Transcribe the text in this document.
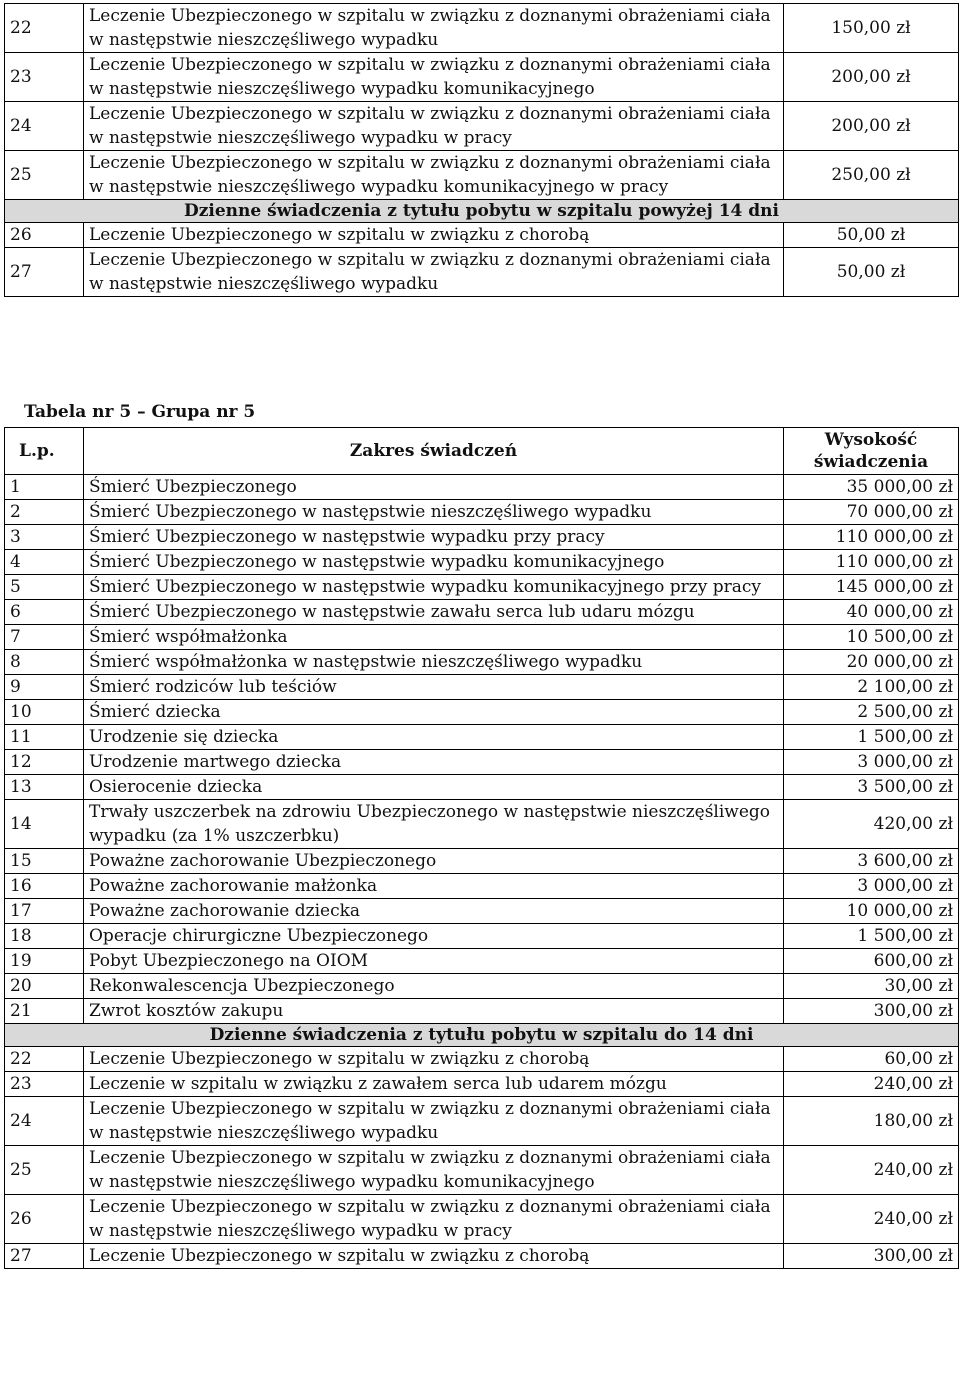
22	Leczenie Ubezpieczonego w szpitalu w związku z doznanymi obrażeniami ciała w następstwie nieszczęśliwego wypadku	150,00 zł
23	Leczenie Ubezpieczonego w szpitalu w związku z doznanymi obrażeniami ciała w następstwie nieszczęśliwego wypadku komunikacyjnego	200,00 zł
24	Leczenie Ubezpieczonego w szpitalu w związku z doznanymi obrażeniami ciała w następstwie nieszczęśliwego wypadku w pracy	200,00 zł
25	Leczenie Ubezpieczonego w szpitalu w związku z doznanymi obrażeniami ciała w następstwie nieszczęśliwego wypadku komunikacyjnego w pracy	250,00 zł
Dzienne świadczenia z tytułu pobytu w szpitalu powyżej 14 dni		
26	Leczenie Ubezpieczonego w szpitalu w związku z chorobą	50,00 zł
27	Leczenie Ubezpieczonego w szpitalu w związku z doznanymi obrażeniami ciała w następstwie nieszczęśliwego wypadku	50,00 zł
Tabela nr 5 – Grupa nr 5
L.p.	Zakres świadczeń	Wysokość świadczenia
1	Śmierć Ubezpieczonego	35 000,00 zł
2	Śmierć Ubezpieczonego w następstwie nieszczęśliwego wypadku	70 000,00 zł
3	Śmierć Ubezpieczonego w następstwie wypadku przy pracy	110 000,00 zł
4	Śmierć Ubezpieczonego w następstwie wypadku komunikacyjnego	110 000,00 zł
5	Śmierć Ubezpieczonego w następstwie wypadku komunikacyjnego przy pracy	145 000,00 zł
6	Śmierć Ubezpieczonego w następstwie zawału serca lub udaru mózgu	40 000,00 zł
7	Śmierć współmałżonka	10 500,00 zł
8	Śmierć współmałżonka w następstwie nieszczęśliwego wypadku	20 000,00 zł
9	Śmierć rodziców lub teściów	2 100,00 zł
10	Śmierć dziecka	2 500,00 zł
11	Urodzenie się dziecka	1 500,00 zł
12	Urodzenie martwego dziecka	3 000,00 zł
13	Osierocenie dziecka	3 500,00 zł
14	Trwały uszczerbek na zdrowiu Ubezpieczonego w następstwie nieszczęśliwego wypadku (za 1% uszczerbku)	420,00 zł
15	Poważne zachorowanie Ubezpieczonego	3 600,00 zł
16	Poważne zachorowanie małżonka	3 000,00 zł
17	Poważne zachorowanie dziecka	10 000,00 zł
18	Operacje chirurgiczne Ubezpieczonego	1 500,00 zł
19	Pobyt Ubezpieczonego na OIOM	600,00 zł
20	Rekonwalescencja Ubezpieczonego	30,00 zł
21	Zwrot kosztów zakupu	300,00 zł
Dzienne świadczenia z tytułu pobytu w szpitalu do 14 dni		
22	Leczenie Ubezpieczonego w szpitalu w związku z chorobą	60,00 zł
23	Leczenie w szpitalu w związku z zawałem serca lub udarem mózgu	240,00 zł
24	Leczenie Ubezpieczonego w szpitalu w związku z doznanymi obrażeniami ciała w następstwie nieszczęśliwego wypadku	180,00 zł
25	Leczenie Ubezpieczonego w szpitalu w związku z doznanymi obrażeniami ciała w następstwie nieszczęśliwego wypadku komunikacyjnego	240,00 zł
26	Leczenie Ubezpieczonego w szpitalu w związku z doznanymi obrażeniami ciała w następstwie nieszczęśliwego wypadku w pracy	240,00 zł
27	Leczenie Ubezpieczonego w szpitalu w związku z chorobą	300,00 zł
